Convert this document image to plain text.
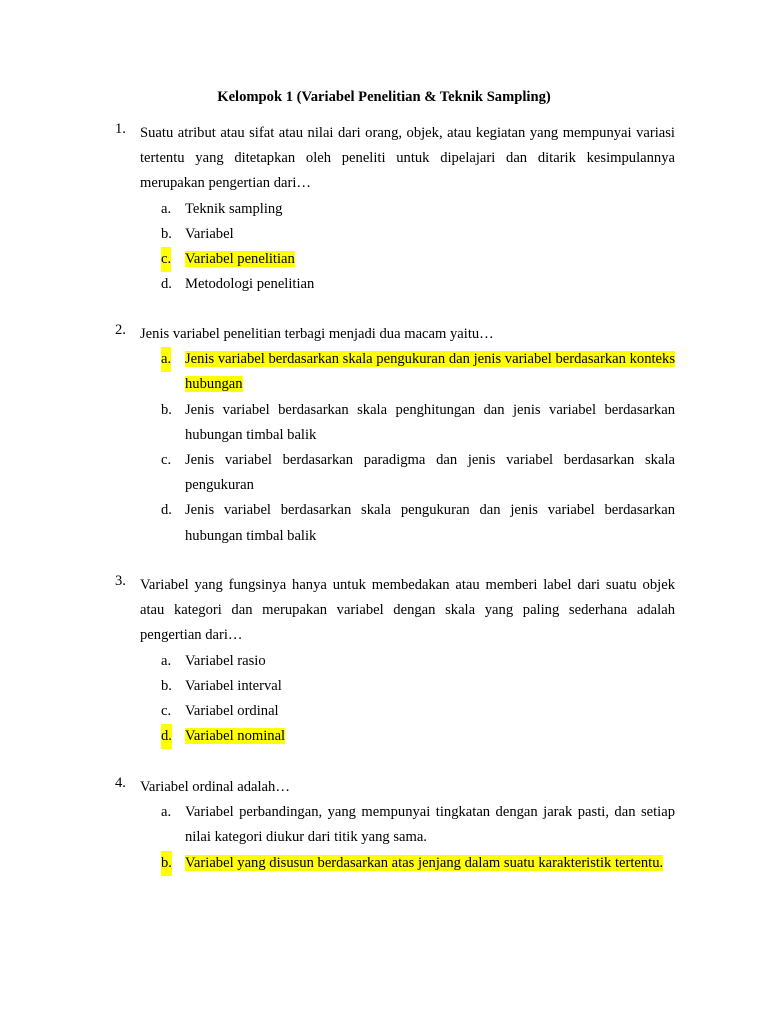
Kelompok 1 (Variabel Penelitian & Teknik Sampling)
1. Suatu atribut atau sifat atau nilai dari orang, objek, atau kegiatan yang mempunyai variasi tertentu yang ditetapkan oleh peneliti untuk dipelajari dan ditarik kesimpulannya merupakan pengertian dari…
a. Teknik sampling
b. Variabel
c. Variabel penelitian
d. Metodologi penelitian
2. Jenis variabel penelitian terbagi menjadi dua macam yaitu…
a. Jenis variabel berdasarkan skala pengukuran dan jenis variabel berdasarkan konteks hubungan
b. Jenis variabel berdasarkan skala penghitungan dan jenis variabel berdasarkan hubungan timbal balik
c. Jenis variabel berdasarkan paradigma dan jenis variabel berdasarkan skala pengukuran
d. Jenis variabel berdasarkan skala pengukuran dan jenis variabel berdasarkan hubungan timbal balik
3. Variabel yang fungsinya hanya untuk membedakan atau memberi label dari suatu objek atau kategori dan merupakan variabel dengan skala yang paling sederhana adalah pengertian dari…
a. Variabel rasio
b. Variabel interval
c. Variabel ordinal
d. Variabel nominal
4. Variabel ordinal adalah…
a. Variabel perbandingan, yang mempunyai tingkatan dengan jarak pasti, dan setiap nilai kategori diukur dari titik yang sama.
b. Variabel yang disusun berdasarkan atas jenjang dalam suatu karakteristik tertentu.
